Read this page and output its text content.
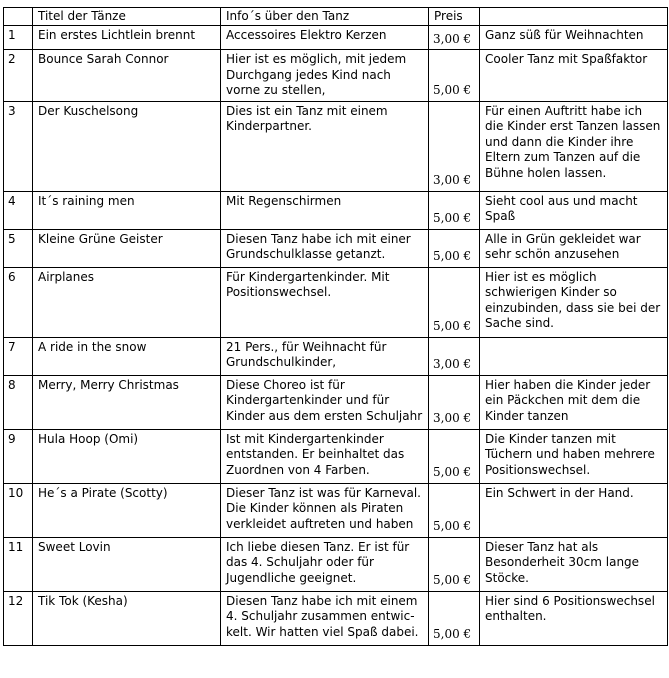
	Titel der Tänze	Info´s über den Tanz	Preis	
1	Ein erstes Lichtlein brennt	Accessoires Elektro Kerzen	3,00 €	Ganz süß für Weihnachten
2	Bounce Sarah Connor	Hier ist es möglich, mit jedem Durchgang jedes Kind nach vorne zu stellen,	5,00 €	Cooler Tanz mit Spaßfaktor
3	Der Kuschelsong	Dies ist ein Tanz mit einem Kinderpartner.	3,00 €	Für einen Auftritt habe ich die Kinder erst Tanzen lassen und dann die Kinder ihre Eltern zum Tanzen auf die Bühne holen lassen.
4	It´s raining men	Mit Regenschirmen	5,00 €	Sieht cool aus und macht Spaß
5	Kleine Grüne Geister	Diesen Tanz habe ich mit einer Grundschulklasse getanzt.	5,00 €	Alle in Grün gekleidet war sehr schön anzusehen
6	Airplanes	Für Kindergartenkinder. Mit Positionswechsel.	5,00 €	Hier ist es möglich schwierigen Kinder so einzubinden, dass sie bei der Sache sind.
7	A ride in the snow	21 Pers., für Weihnacht für Grundschulkinder,	3,00 €	
8	Merry, Merry Christmas	Diese Choreo ist für Kindergartenkinder und für Kinder aus dem ersten Schuljahr	3,00 €	Hier haben die Kinder jeder ein Päckchen mit dem die Kinder tanzen
9	Hula Hoop (Omi)	Ist mit Kindergartenkinder entstanden. Er beinhaltet das Zuordnen von 4 Farben.	5,00 €	Die Kinder tanzen mit Tüchern und haben mehrere Positionswechsel.
10	He´s a Pirate (Scotty)	Dieser Tanz ist was für Karneval. Die Kinder können als Piraten verkleidet auftreten und haben	5,00 €	Ein Schwert in der Hand.
11	Sweet Lovin	Ich liebe diesen Tanz. Er ist für das 4. Schuljahr oder für Jugendliche geeignet.	5,00 €	Dieser Tanz hat als Besonderheit 30cm lange Stöcke.
12	Tik Tok (Kesha)	Diesen Tanz habe ich mit einem 4. Schuljahr zusammen entwic-kelt. Wir hatten viel Spaß dabei.	5,00 €	Hier sind 6 Positionswechsel enthalten.
